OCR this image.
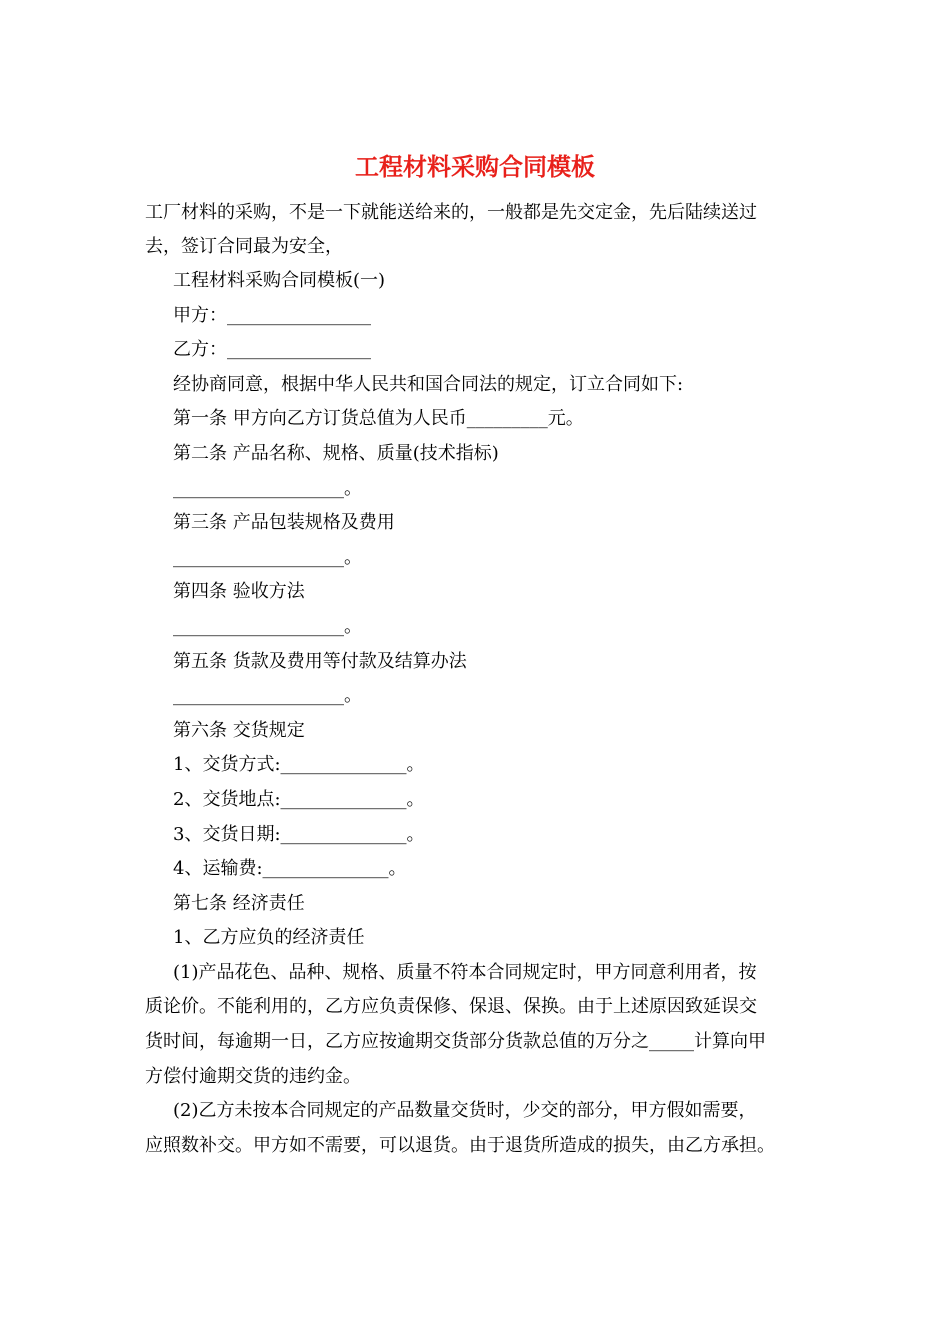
工程材料采购合同模板

工厂材料的采购，不是一下就能送给来的，一般都是先交定金，先后陆续送过

去，签订合同最为安全，

工程材料采购合同模板(一)

甲方：________________

乙方：________________

经协商同意，根据中华人民共和国合同法的规定，订立合同如下:

第一条 甲方向乙方订货总值为人民币_________元。

第二条 产品名称、规格、质量(技术指标)

___________________。

第三条 产品包装规格及费用

___________________。

第四条 验收方法

___________________。

第五条 货款及费用等付款及结算办法

___________________。

第六条 交货规定

1、交货方式:______________。

2、交货地点:______________。

3、交货日期:______________。

4、运输费:______________。

第七条 经济责任

1、乙方应负的经济责任

(1)产品花色、品种、规格、质量不符本合同规定时，甲方同意利用者，按

质论价。不能利用的，乙方应负责保修、保退、保换。由于上述原因致延误交

货时间，每逾期一日，乙方应按逾期交货部分货款总值的万分之_____计算向甲

方偿付逾期交货的违约金。

(2)乙方未按本合同规定的产品数量交货时，少交的部分，甲方假如需要，

应照数补交。甲方如不需要，可以退货。由于退货所造成的损失，由乙方承担。
